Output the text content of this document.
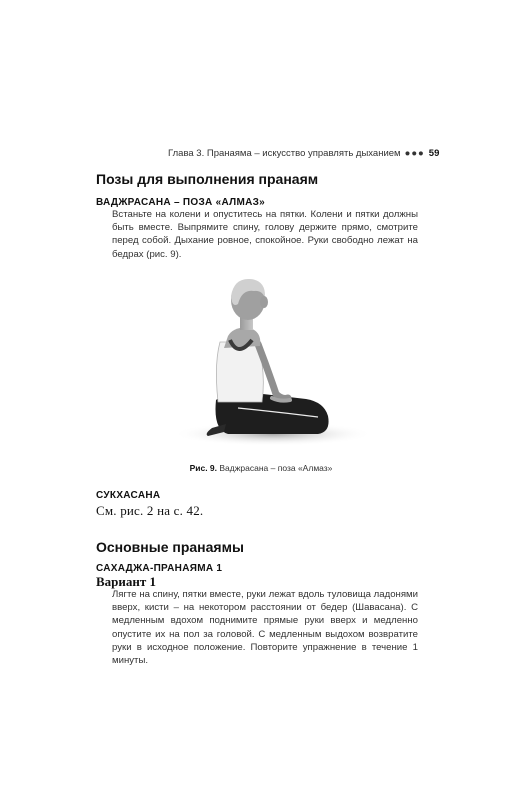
Глава 3. Пранаяма – искусство управлять дыханием ●●● 59
Позы для выполнения пранаям
ВАДЖРАСАНА – ПОЗА «АЛМАЗ»
Встаньте на колени и опуститесь на пятки. Колени и пятки должны быть вместе. Выпрямите спину, голову держите прямо, смотрите перед собой. Дыхание ровное, спокойное. Руки свободно лежат на бедрах (рис. 9).
Рис. 9. Ваджрасана – поза «Алмаз»
СУКХАСАНА
См. рис. 2 на с. 42.
Основные пранаямы
САХАДЖА-ПРАНАЯМА 1
Вариант 1
Лягте на спину, пятки вместе, руки лежат вдоль туловища ладонями вверх, кисти – на некотором расстоянии от бедер (Шавасана). С медленным вдохом поднимите прямые руки вверх и медленно опустите их на пол за головой. С медленным выдохом возвратите руки в исходное положение. Повторите упражнение в течение 1 минуты.
